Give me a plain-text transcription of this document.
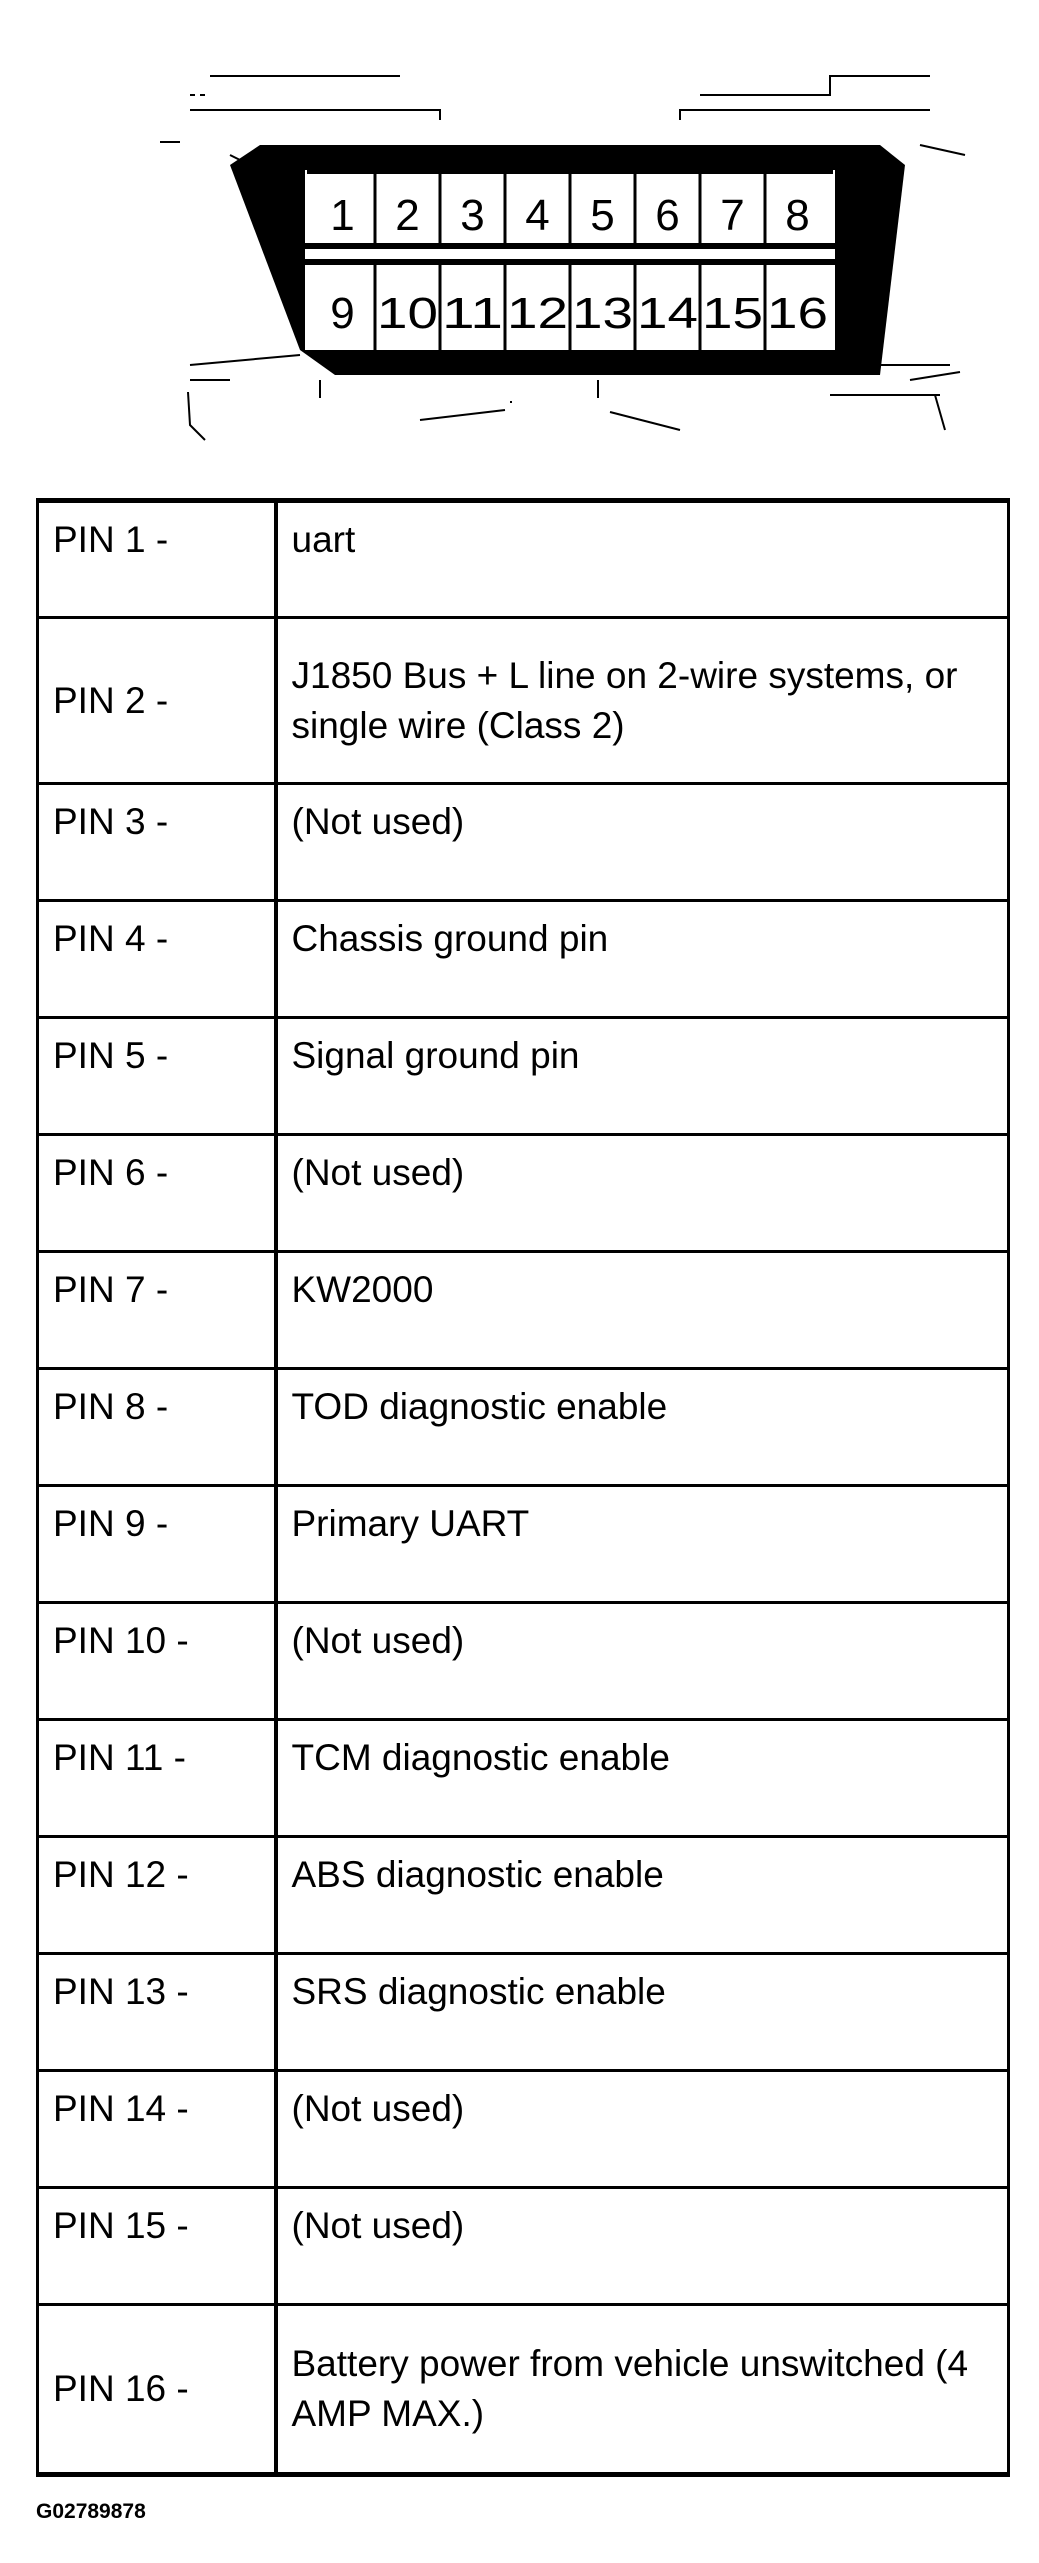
1 2 3 4 5 6 7 8
9 10 11 12 13 14 15 16
PIN 1 -	uart
PIN 2 -	J1850 Bus + L line on 2-wire systems, or single wire (Class 2)
PIN 3 -	(Not used)
PIN 4 -	Chassis ground pin
PIN 5 -	Signal ground pin
PIN 6 -	(Not used)
PIN 7 -	KW2000
PIN 8 -	TOD diagnostic enable
PIN 9 -	Primary UART
PIN 10 -	(Not used)
PIN 11 -	TCM diagnostic enable
PIN 12 -	ABS diagnostic enable
PIN 13 -	SRS diagnostic enable
PIN 14 -	(Not used)
PIN 15 -	(Not used)
PIN 16 -	Battery power from vehicle unswitched (4 AMP MAX.)
G02789878
